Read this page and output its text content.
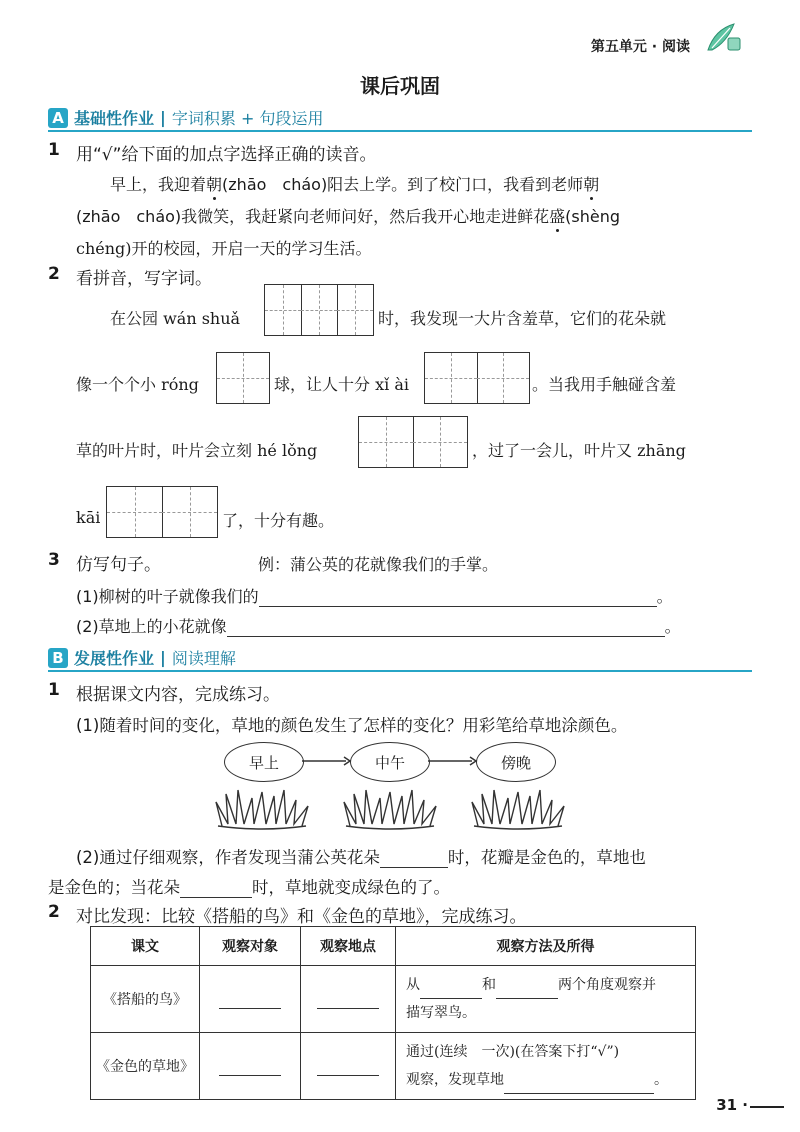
第五单元 · 阅读
课后巩固
A 基础性作业 | 字词积累 + 句段运用
1 用“√”给下面的加点字选择正确的读音。
早上，我迎着朝(zhāo　cháo)阳去上学。到了校门口，我看到老师朝
(zhāo　cháo)我微笑，我赶紧向老师问好，然后我开心地走进鲜花盛(shèng
chéng)开的校园，开启一天的学习生活。
2 看拼音，写字词。
在公园 wán shuǎ	时，我发现一大片含羞草，它们的花朵就
像一个个小 róng	球，让人十分 xǐ ài	。当我用手触碰含羞
草的叶片时，叶片会立刻 hé lǒng	，过了一会儿，叶片又 zhāng
kāi	了，十分有趣。
3 仿写句子。	例：蒲公英的花就像我们的手掌。
(1)柳树的叶子就像我们的	。
(2)草地上的小花就像	。
B 发展性作业 | 阅读理解
1 根据课文内容，完成练习。
(1)随着时间的变化，草地的颜色发生了怎样的变化？用彩笔给草地涂颜色。
早上	中午	傍晚
(2)通过仔细观察，作者发现当蒲公英花朵	时，花瓣是金色的，草地也
是金色的；当花朵	时，草地就变成绿色的了。
2 对比发现：比较《搭船的鸟》和《金色的草地》，完成练习。
课文	观察对象	观察地点	观察方法及所得
《搭船的鸟》			从 和 两个角度观察并
描写翠鸟。
《金色的草地》			通过(连续　一次)(在答案下打“√”)
观察，发现草地 。
31 ·
